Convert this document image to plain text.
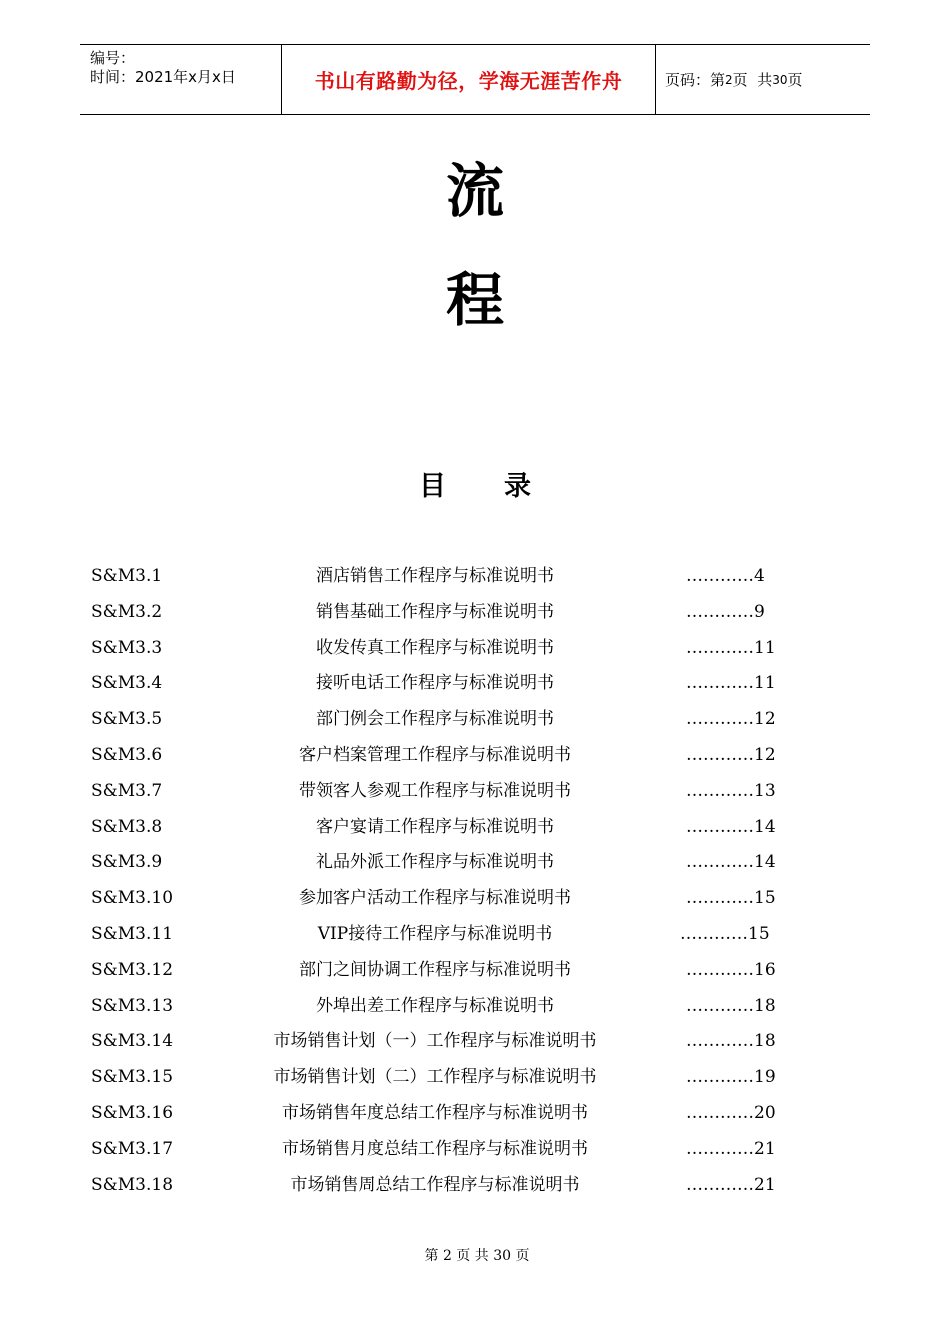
编号：
时间：2021年x月x日	书山有路勤为径，学海无涯苦作舟	页码：第 2 页  共 30 页
流
程
目 录
S&M3.1	酒店销售工作程序与标准说明书	…………4
S&M3.2	销售基础工作程序与标准说明书	…………9
S&M3.3	收发传真工作程序与标准说明书	…………11
S&M3.4	接听电话工作程序与标准说明书	…………11
S&M3.5	部门例会工作程序与标准说明书	…………12
S&M3.6	客户档案管理工作程序与标准说明书	…………12
S&M3.7	带领客人参观工作程序与标准说明书	…………13
S&M3.8	客户宴请工作程序与标准说明书	…………14
S&M3.9	礼品外派工作程序与标准说明书	…………14
S&M3.10	参加客户活动工作程序与标准说明书	…………15
S&M3.11	VIP接待工作程序与标准说明书	…………15
S&M3.12	部门之间协调工作程序与标准说明书	…………16
S&M3.13	外埠出差工作程序与标准说明书	…………18
S&M3.14	市场销售计划（一）工作程序与标准说明书	…………18
S&M3.15	市场销售计划（二）工作程序与标准说明书	…………19
S&M3.16	市场销售年度总结工作程序与标准说明书	…………20
S&M3.17	市场销售月度总结工作程序与标准说明书	…………21
S&M3.18	市场销售周总结工作程序与标准说明书	…………21
第 2 页 共 30 页
